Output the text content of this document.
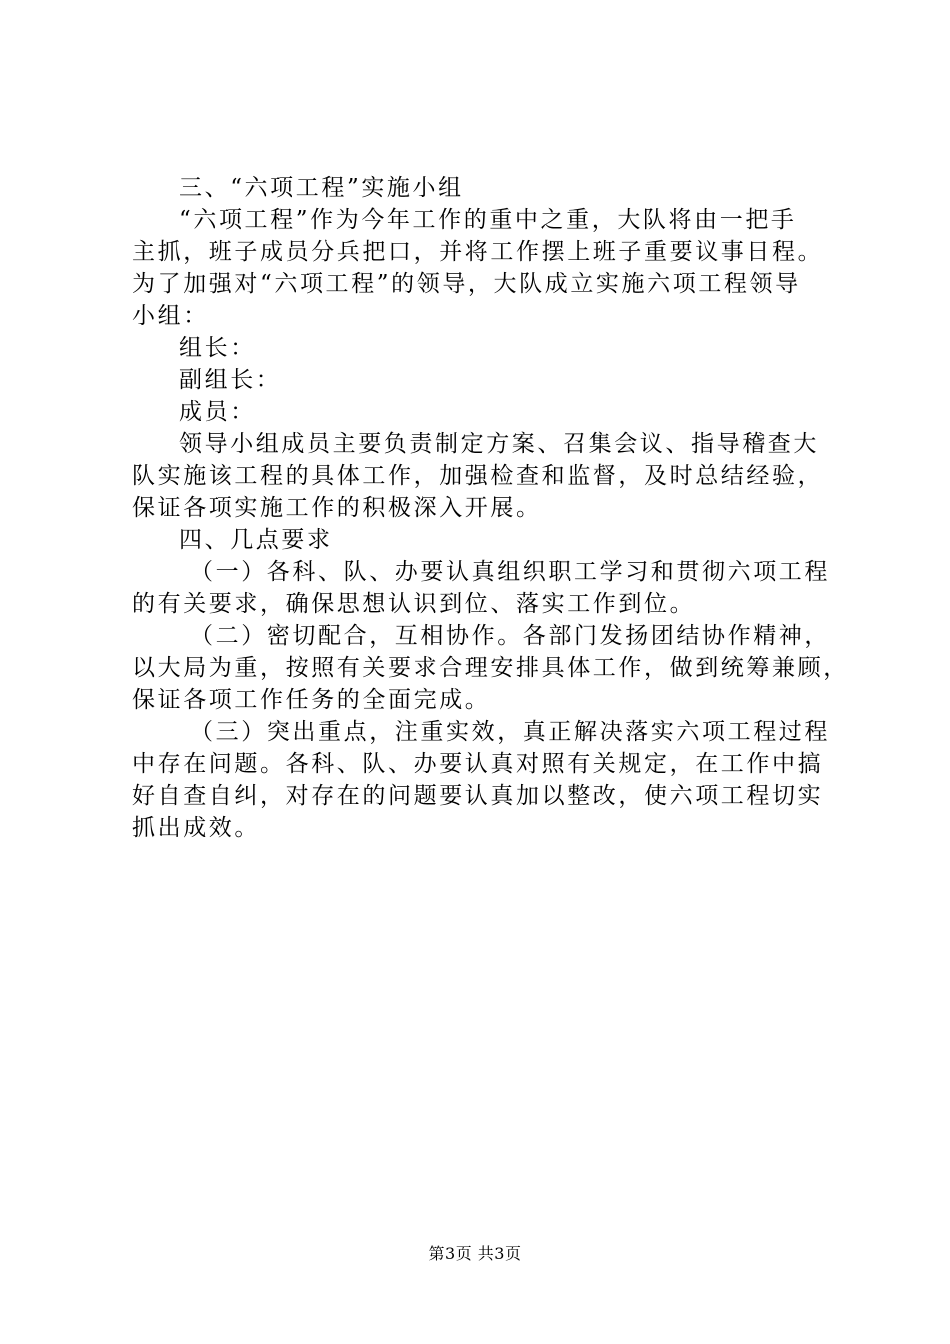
三、“六项工程”实施小组
“六项工程”作为今年工作的重中之重，大队将由一把手
主抓，班子成员分兵把口，并将工作摆上班子重要议事日程。
为了加强对“六项工程”的领导，大队成立实施六项工程领导
小组：
组长：
副组长：
成员：
领导小组成员主要负责制定方案、召集会议、指导稽查大
队实施该工程的具体工作，加强检查和监督，及时总结经验，
保证各项实施工作的积极深入开展。
四、几点要求
（一）各科、队、办要认真组织职工学习和贯彻六项工程
的有关要求，确保思想认识到位、落实工作到位。
（二）密切配合，互相协作。各部门发扬团结协作精神，
以大局为重，按照有关要求合理安排具体工作，做到统筹兼顾，
保证各项工作任务的全面完成。
（三）突出重点，注重实效，真正解决落实六项工程过程
中存在问题。各科、队、办要认真对照有关规定，在工作中搞
好自查自纠，对存在的问题要认真加以整改，使六项工程切实
抓出成效。
第3页 共3页
